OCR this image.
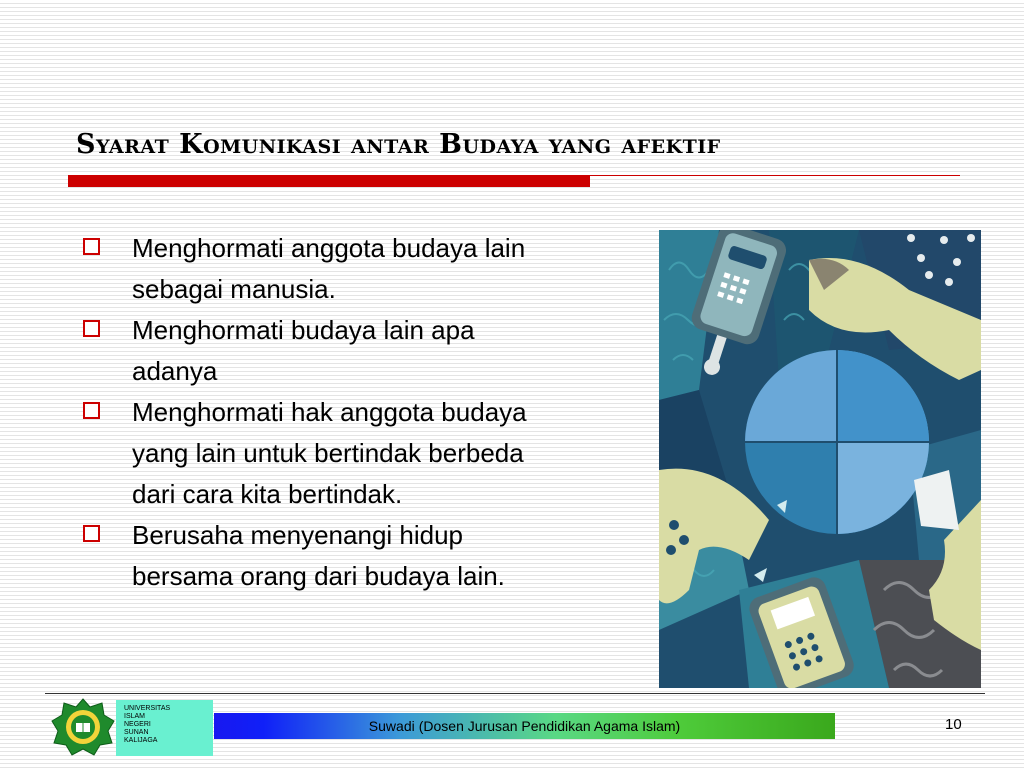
Syarat Komunikasi antar Budaya yang afektif
Menghormati anggota budaya lain
sebagai manusia.
Menghormati budaya lain apa
adanya
Menghormati hak anggota budaya
yang lain untuk bertindak berbeda
dari cara kita bertindak.
Berusaha menyenangi hidup
bersama orang dari budaya lain.
UNIVERSITAS
ISLAM
NEGERI
SUNAN
KALIJAGA
Suwadi (Dosen Jurusan Pendidikan Agama Islam)	10
